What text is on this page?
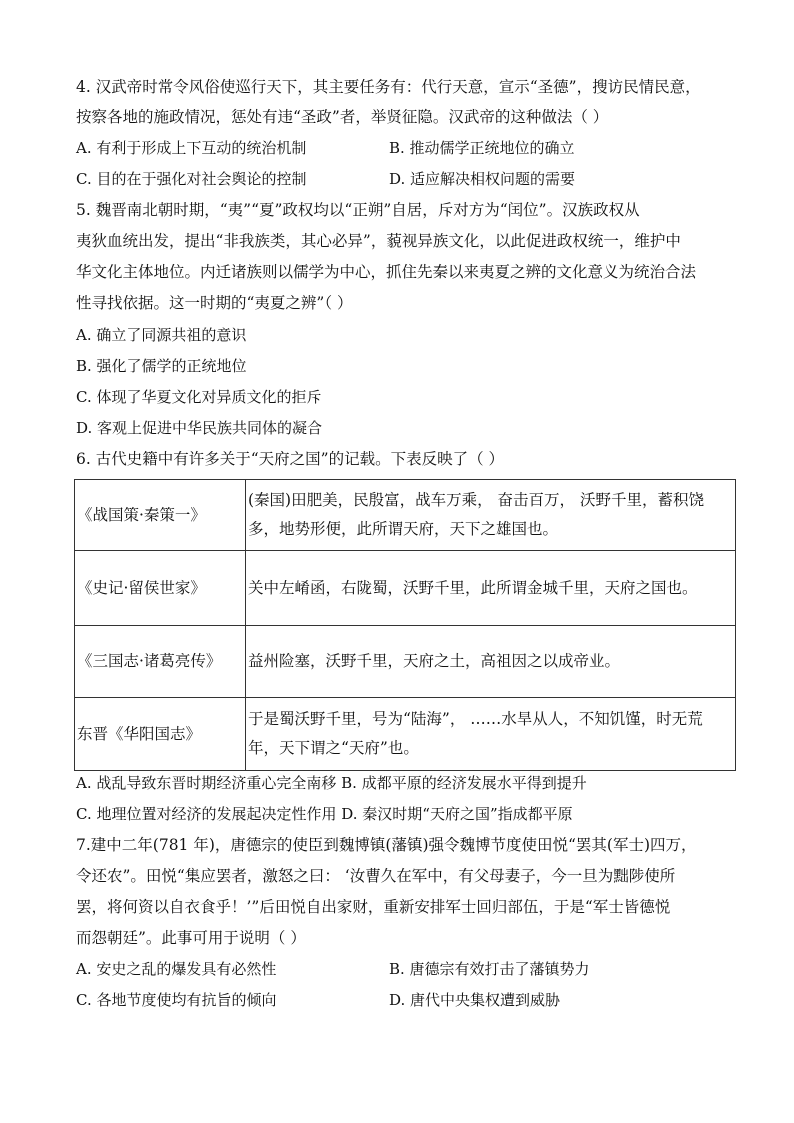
4. 汉武帝时常令风俗使巡行天下，其主要任务有：代行天意，宣示“圣德”，搜访民情民意，
按察各地的施政情况，惩处有违“圣政”者，举贤征隐。汉武帝的这种做法（ ）
A. 有利于形成上下互动的统治机制	B. 推动儒学正统地位的确立
C. 目的在于强化对社会舆论的控制	D. 适应解决相权问题的需要
5. 魏晋南北朝时期，“夷”“夏”政权均以“正朔”自居，斥对方为“闰位”。汉族政权从
夷狄血统出发，提出“非我族类，其心必异”，藐视异族文化，以此促进政权统一，维护中
华文化主体地位。内迁诸族则以儒学为中心，抓住先秦以来夷夏之辨的文化意义为统治合法
性寻找依据。这一时期的“夷夏之辨”（ ）
A. 确立了同源共祖的意识
B. 强化了儒学的正统地位
C. 体现了华夏文化对异质文化的拒斥
D. 客观上促进中华民族共同体的凝合
6. 古代史籍中有许多关于“天府之国”的记载。下表反映了（ ）
《战国策·秦策一》	(秦国)田肥美，民殷富，战车万乘， 奋击百万， 沃野千里，蓄积饶
多，地势形便，此所谓天府，天下之雄国也。

《史记·留侯世家》	关中左崤函，右陇蜀，沃野千里，此所谓金城千里，天府之国也。

《三国志·诸葛亮传》	益州险塞，沃野千里，天府之土，高祖因之以成帝业。

东晋《华阳国志》	于是蜀沃野千里，号为“陆海”， ……水旱从人，不知饥馑，时无荒
年，天下谓之“天府”也。
A. 战乱导致东晋时期经济重心完全南移 B. 成都平原的经济发展水平得到提升
C. 地理位置对经济的发展起决定性作用 D. 秦汉时期“天府之国”指成都平原
7.建中二年(781 年)，唐德宗的使臣到魏博镇(藩镇)强令魏博节度使田悦“罢其(军士)四万，
令还农”。田悦“集应罢者，激怒之曰： ‘汝曹久在军中，有父母妻子，今一旦为黜陟使所
罢，将何资以自衣食乎！’”后田悦自出家财，重新安排军士回归部伍，于是“军士皆德悦
而怨朝廷”。此事可用于说明（ ）
A. 安史之乱的爆发具有必然性	B. 唐德宗有效打击了藩镇势力
C. 各地节度使均有抗旨的倾向	D. 唐代中央集权遭到威胁
